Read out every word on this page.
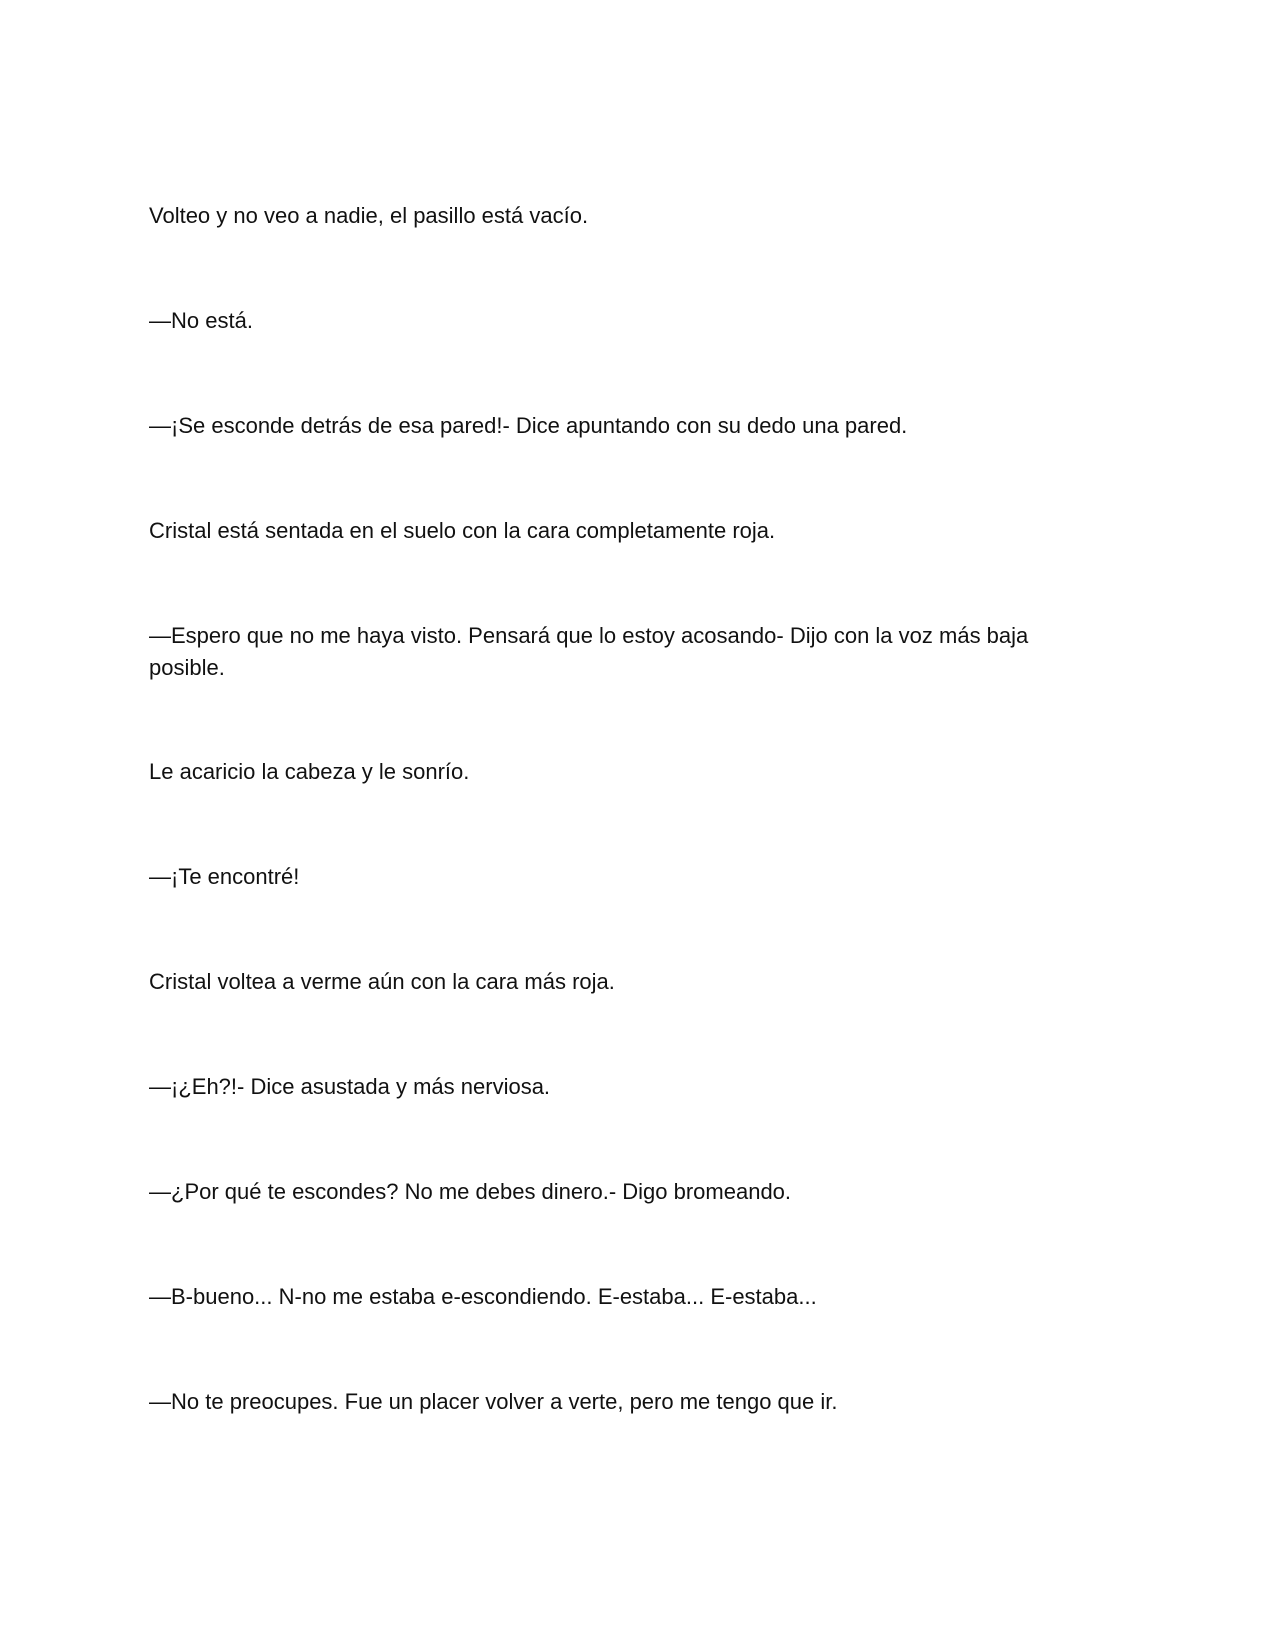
Volteo y no veo a nadie, el pasillo está vacío.

—No está.

—¡Se esconde detrás de esa pared!- Dice apuntando con su dedo una pared.

Cristal está sentada en el suelo con la cara completamente roja.

—Espero que no me haya visto. Pensará que lo estoy acosando- Dijo con la voz más baja posible.

Le acaricio la cabeza y le sonrío.

—¡Te encontré!

Cristal voltea a verme aún con la cara más roja.

—¡¿Eh?!- Dice asustada y más nerviosa.

—¿Por qué te escondes? No me debes dinero.- Digo bromeando.

—B-bueno... N-no me estaba e-escondiendo. E-estaba... E-estaba...

—No te preocupes. Fue un placer volver a verte, pero me tengo que ir.
